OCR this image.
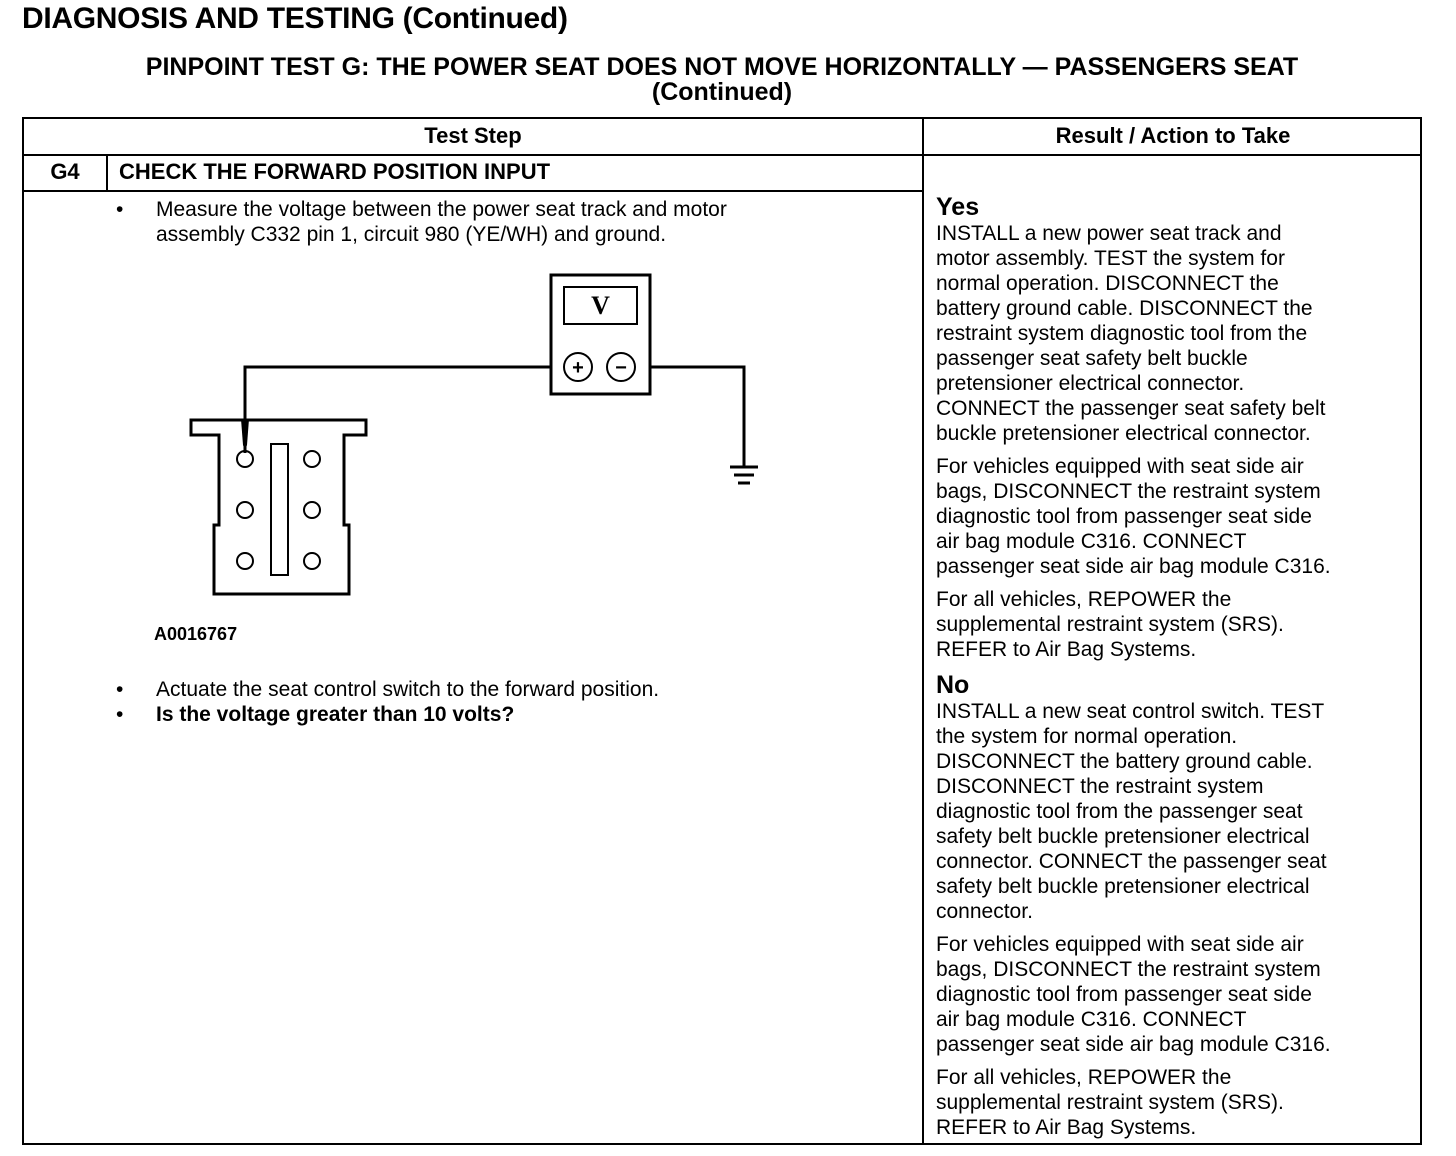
DIAGNOSIS AND TESTING (Continued)
PINPOINT TEST G: THE POWER SEAT DOES NOT MOVE HORIZONTALLY — PASSENGERS SEAT
(Continued)
Test Step	Result / Action to Take
G4	CHECK THE FORWARD POSITION INPUT
• Measure the voltage between the power seat track and motor
assembly C332 pin 1, circuit 980 (YE/WH) and ground.
V
+ −
A0016767
• Actuate the seat control switch to the forward position.
• Is the voltage greater than 10 volts?
Yes
INSTALL a new power seat track and
motor assembly. TEST the system for
normal operation. DISCONNECT the
battery ground cable. DISCONNECT the
restraint system diagnostic tool from the
passenger seat safety belt buckle
pretensioner electrical connector.
CONNECT the passenger seat safety belt
buckle pretensioner electrical connector.
For vehicles equipped with seat side air
bags, DISCONNECT the restraint system
diagnostic tool from passenger seat side
air bag module C316. CONNECT
passenger seat side air bag module C316.
For all vehicles, REPOWER the
supplemental restraint system (SRS).
REFER to Air Bag Systems.
No
INSTALL a new seat control switch. TEST
the system for normal operation.
DISCONNECT the battery ground cable.
DISCONNECT the restraint system
diagnostic tool from the passenger seat
safety belt buckle pretensioner electrical
connector. CONNECT the passenger seat
safety belt buckle pretensioner electrical
connector.
For vehicles equipped with seat side air
bags, DISCONNECT the restraint system
diagnostic tool from passenger seat side
air bag module C316. CONNECT
passenger seat side air bag module C316.
For all vehicles, REPOWER the
supplemental restraint system (SRS).
REFER to Air Bag Systems.
